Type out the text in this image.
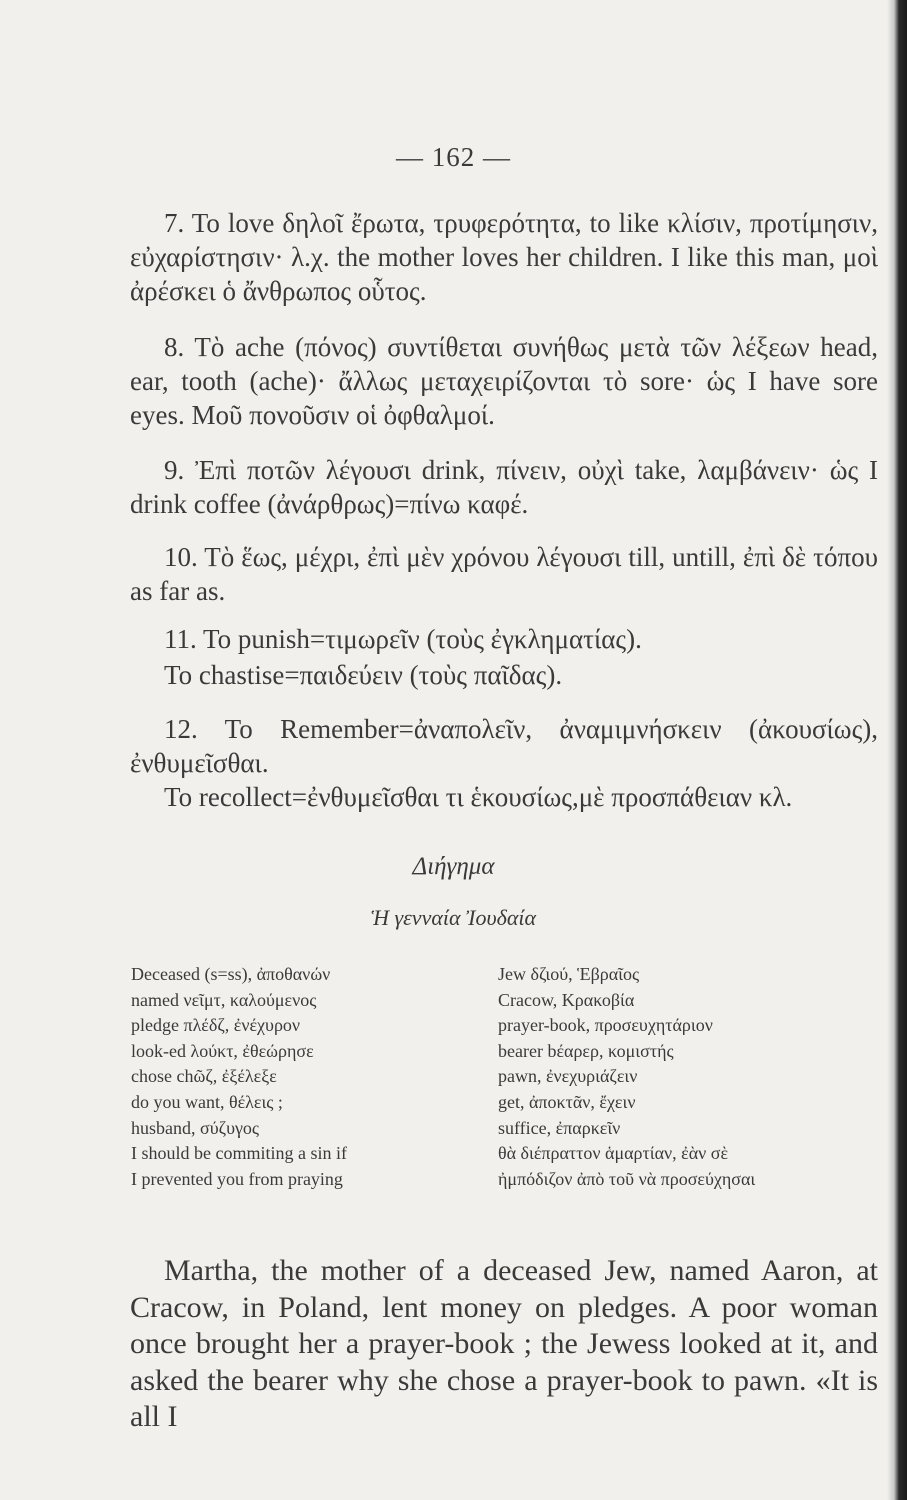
— 162 —

7. To love δηλοῖ ἔρωτα, τρυφερότητα, to like κλίσιν, προτίμησιν, εὐχαρίστησιν· λ.χ. the mother loves her children. I like this man, μοὶ ἀρέσκει ὁ ἄνθρωπος οὗτος.

8. Τὸ ache (πόνος) συντίθεται συνήθως μετὰ τῶν λέξεων head, ear, tooth (ache)· ἄλλως μεταχειρίζονται τὸ sore· ὡς I have sore eyes. Μοῦ πονοῦσιν οἱ ὀφθαλμοί.

9. Ἐπὶ ποτῶν λέγουσι drink, πίνειν, οὐχὶ take, λαμβάνειν· ὡς I drink coffee (ἀνάρθρως)=πίνω καφέ.

10. Τὸ ἕως, μέχρι, ἐπὶ μὲν χρόνου λέγουσι till, untill, ἐπὶ δὲ τόπου as far as.

11. To punish=τιμωρεῖν (τοὺς ἐγκληματίας).

To chastise=παιδεύειν (τοὺς παῖδας).

12. To Remember=ἀναπολεῖν, ἀναμιμνήσκειν (ἀκουσίως), ἐνθυμεῖσθαι.

To recollect=ἐνθυμεῖσθαι τι ἑκουσίως,μὲ προσπάθειαν κλ.

Διήγημα

Ἡ γενναία Ἰουδαία

Deceased (s=ss), ἀποθανών	Jew δζιού, Ἑβραῖος
named νεῖμτ, καλούμενος	Cracow, Κρακοβία
pledge πλέδζ, ἐνέχυρον	prayer-book, προσευχητάριον
look-ed λούκτ, ἐθεώρησε	bearer bέαρερ, κομιστής
chose chῶζ, ἐξέλεξε	pawn, ἐνεχυριάζειν
do you want, θέλεις ;	get, ἀποκτᾶν, ἔχειν
husband, σύζυγος	suffice, ἐπαρκεῖν
I should be commiting a sin if	θὰ διέπραττον ἁμαρτίαν, ἐὰν σὲ
I prevented you from praying	ἠμπόδιζον ἀπὸ τοῦ νὰ προσεύχησαι

Martha, the mother of a deceased Jew, named Aaron, at Cracow, in Poland, lent money on pledges. A poor woman once brought her a prayer-book ; the Jewess looked at it, and asked the bearer why she chose a prayer-book to pawn. «It is all I
